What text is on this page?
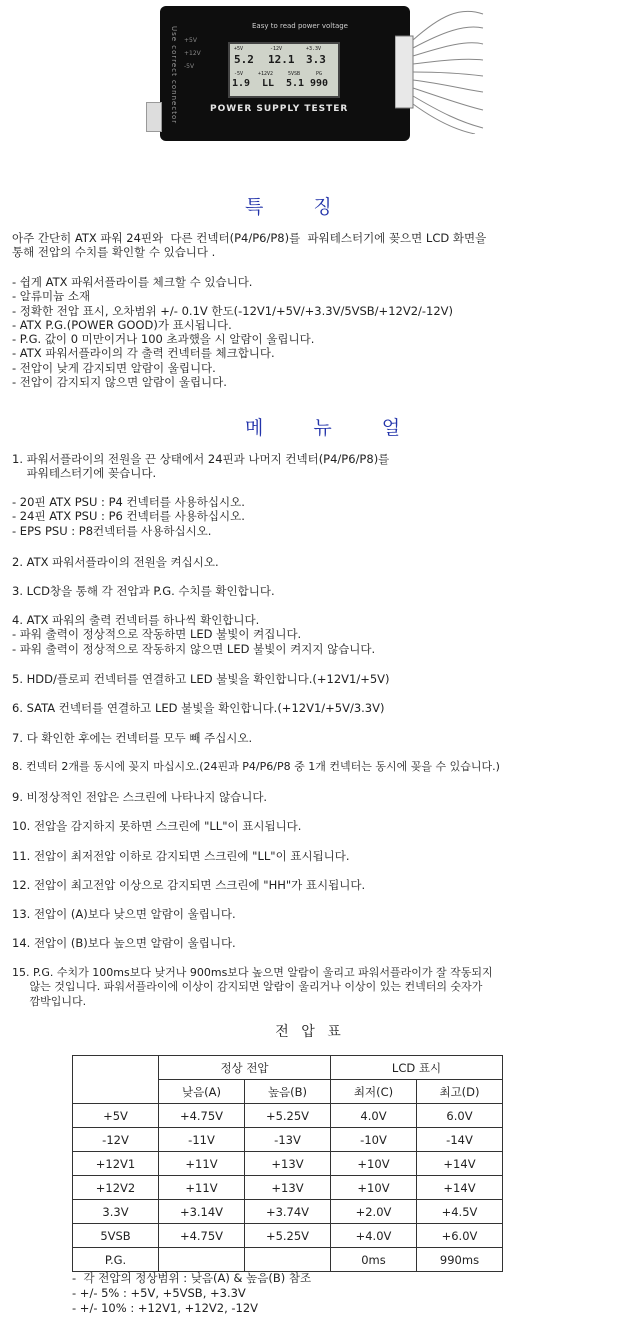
Use correct connector +5V
+12V
-5V
Easy to read power voltage
+5V	-12V	+3.3V
5.2 12.1 3.3
-5V	+12V2	5VSB	PG
1.9 LL 5.1 990
POWER SUPPLY TESTER
특 징

아주 간단히 ATX 파워 24핀와  다른 컨넥터(P4/P6/P8)를  파워테스터기에 꽂으면 LCD 화면을
통해 전압의 수치를 확인할 수 있습니다 .

- 쉽게 ATX 파워서플라이를 체크할 수 있습니다.
- 알류미늄 소재
- 정확한 전압 표시, 오차범위 +/- 0.1V 한도(-12V1/+5V/+3.3V/5VSB/+12V2/-12V)
- ATX P.G.(POWER GOOD)가 표시됩니다.
- P.G. 값이 0 미만이거나 100 초과했을 시 알람이 울립니다.
- ATX 파워서플라이의 각 출력 컨넥터를 체크합니다.
- 전압이 낮게 감지되면 알람이 울립니다.
- 전압이 감지되지 않으면 알람이 울립니다.

메 뉴 얼

1. 파워서플라이의 전원을 끈 상태에서 24핀과 나머지 컨넥터(P4/P6/P8)를
파워테스터기에 꽂습니다.

- 20핀 ATX PSU : P4 컨넥터를 사용하십시오.
- 24핀 ATX PSU : P6 컨넥터를 사용하십시오.
- EPS PSU : P8컨넥터를 사용하십시오.

2. ATX 파워서플라이의 전원을 켜십시오.

3. LCD창을 통해 각 전압과 P.G. 수치를 확인합니다.

4. ATX 파워의 출력 컨넥터를 하나씩 확인합니다.
- 파워 출력이 정상적으로 작동하면 LED 불빛이 켜집니다.
- 파워 출력이 정상적으로 작동하지 않으면 LED 불빛이 켜지지 않습니다.

5. HDD/플로피 컨넥터를 연결하고 LED 불빛을 확인합니다.(+12V1/+5V)

6. SATA 컨넥터를 연결하고 LED 불빛을 확인합니다.(+12V1/+5V/3.3V)

7. 다 확인한 후에는 컨넥터를 모두 빼 주십시오.

8. 컨넥터 2개를 동시에 꽂지 마십시오.(24핀과 P4/P6/P8 중 1개 컨넥터는 동시에 꽂을 수 있습니다.)

9. 비정상적인 전압은 스크린에 나타나지 않습니다.

10. 전압을 감지하지 못하면 스크린에 "LL"이 표시됩니다.

11. 전압이 최저전압 이하로 감지되면 스크린에 "LL"이 표시됩니다.

12. 전압이 최고전압 이상으로 감지되면 스크린에 "HH"가 표시됩니다.

13. 전압이 (A)보다 낮으면 알람이 울립니다.

14. 전압이 (B)보다 높으면 알람이 울립니다.

15. P.G. 수치가 100ms보다 낮거나 900ms보다 높으면 알람이 울리고 파워서플라이가 잘 작동되지
않는 것입니다. 파워서플라이에 이상이 감지되면 알람이 울리거나 이상이 있는 컨넥터의 숫자가
깜박입니다.

전 압 표
	정상 전압		LCD 표시	
	낮음(A)	높음(B)	최저(C)	최고(D)
+5V	+4.75V	+5.25V	4.0V	6.0V
-12V	-11V	-13V	-10V	-14V
+12V1	+11V	+13V	+10V	+14V
+12V2	+11V	+13V	+10V	+14V
3.3V	+3.14V	+3.74V	+2.0V	+4.5V
5VSB	+4.75V	+5.25V	+4.0V	+6.0V
P.G.			0ms	990ms
-  각 전압의 정상범위 : 낮음(A) & 높음(B) 참조
- +/- 5% : +5V, +5VSB, +3.3V
- +/- 10% : +12V1, +12V2, -12V
